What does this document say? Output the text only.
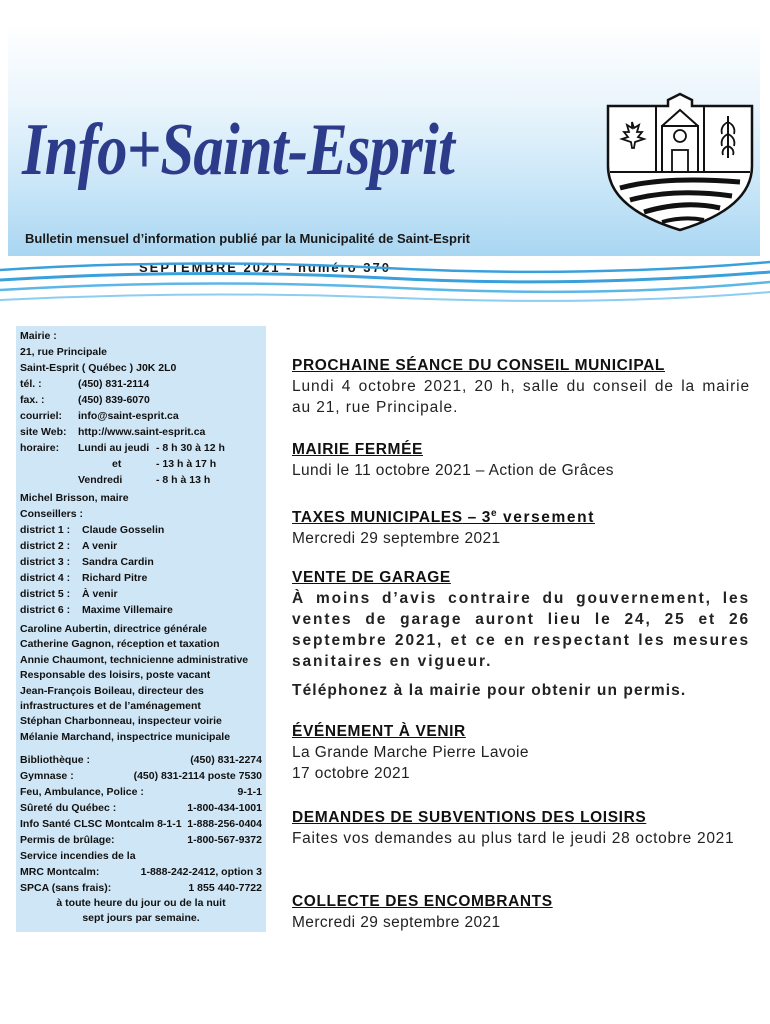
Info+Saint-Esprit
Bulletin mensuel d’information publié par la Municipalité de Saint-Esprit
SEPTEMBRE 2021 - numéro 370
Mairie :
21, rue Principale
Saint-Esprit ( Québec ) J0K 2L0
tél. :	(450) 831-2114
fax. :	(450) 839-6070
courriel: info@saint-esprit.ca
site Web: http://www.saint-esprit.ca
horaire: Lundi au jeudi - 8 h 30 à 12 h
et	- 13 h à 17 h
Vendredi	- 8 h à 13 h
Michel Brisson, maire
Conseillers :
district 1 : Claude Gosselin
district 2 : A venir
district 3 : Sandra Cardin
district 4 : Richard Pitre
district 5 : À venir
district 6 : Maxime Villemaire
Caroline Aubertin, directrice générale
Catherine Gagnon, réception et taxation
Annie Chaumont, technicienne administrative
Responsable des loisirs, poste vacant
Jean-François Boileau, directeur des
infrastructures et de l’aménagement
Stéphan Charbonneau, inspecteur voirie
Mélanie Marchand, inspectrice municipale
Bibliothèque :	(450) 831-2274
Gymnase :	(450) 831-2114 poste 7530
Feu, Ambulance, Police :	9-1-1
Sûreté du Québec :	1-800-434-1001
Info Santé CLSC Montcalm 8-1-1 1-888-256-0404
Permis de brûlage:	1-800-567-9372
Service incendies de la
MRC Montcalm:	1-888-242-2412, option 3
SPCA (sans frais):	1 855 440-7722
à toute heure du jour ou de la nuit
sept jours par semaine.
PROCHAINE SÉANCE DU CONSEIL MUNICIPAL

Lundi 4 octobre 2021, 20 h, salle du conseil de la mairie au 21, rue Principale.

MAIRIE FERMÉE

Lundi le 11 octobre 2021 – Action de Grâces

TAXES MUNICIPALES – 3e versement

Mercredi 29 septembre 2021

VENTE DE GARAGE

À moins d’avis contraire du gouvernement, les ventes de garage auront lieu le 24, 25 et 26 septembre 2021, et ce en respectant les mesures sanitaires en vigueur.

Téléphonez à la mairie pour obtenir un permis.

ÉVÉNEMENT À VENIR

La Grande Marche Pierre Lavoie

17 octobre 2021

DEMANDES DE SUBVENTIONS DES LOISIRS

Faites vos demandes au plus tard le jeudi 28 octobre 2021

COLLECTE DES ENCOMBRANTS

Mercredi 29 septembre 2021
